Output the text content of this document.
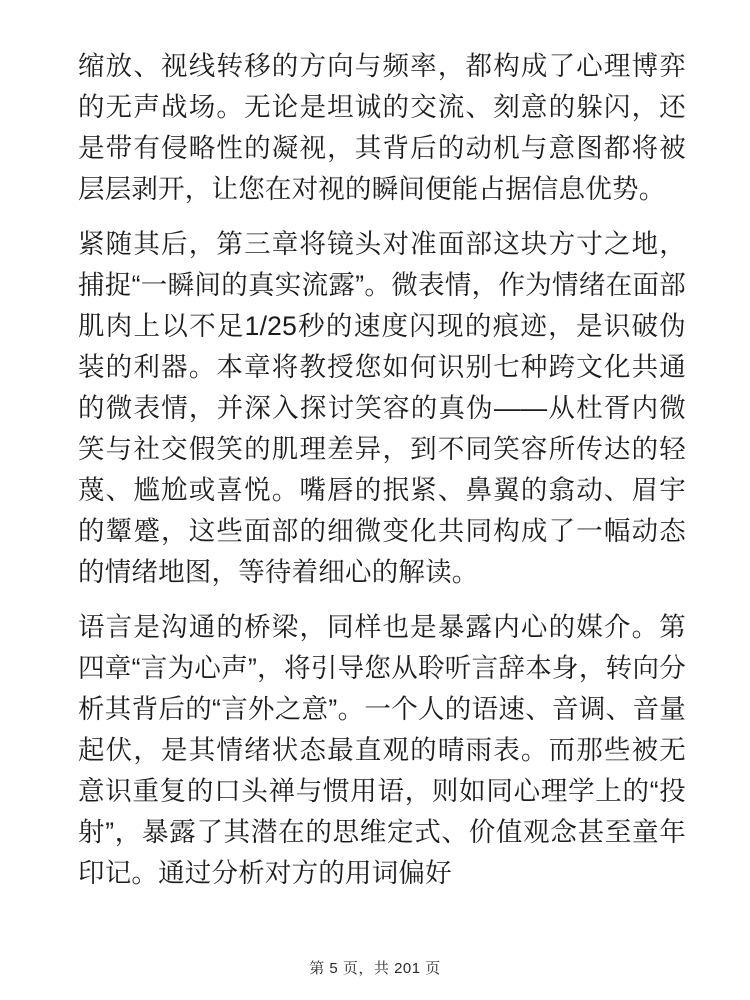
缩放、视线转移的方向与频率，都构成了心理博弈的无声战场。无论是坦诚的交流、刻意的躲闪，还是带有侵略性的凝视，其背后的动机与意图都将被层层剥开，让您在对视的瞬间便能占据信息优势。

紧随其后，第三章将镜头对准面部这块方寸之地，捕捉“一瞬间的真实流露”。微表情，作为情绪在面部肌肉上以不足1/25秒的速度闪现的痕迹，是识破伪装的利器。本章将教授您如何识别七种跨文化共通的微表情，并深入探讨笑容的真伪——从杜胥内微笑与社交假笑的肌理差异，到不同笑容所传达的轻蔑、尴尬或喜悦。嘴唇的抿紧、鼻翼的翕动、眉宇的颦蹙，这些面部的细微变化共同构成了一幅动态的情绪地图，等待着细心的解读。

语言是沟通的桥梁，同样也是暴露内心的媒介。第四章“言为心声”，将引导您从聆听言辞本身，转向分析其背后的“言外之意”。一个人的语速、音调、音量起伏，是其情绪状态最直观的晴雨表。而那些被无意识重复的口头禅与惯用语，则如同心理学上的“投射”，暴露了其潜在的思维定式、价值观念甚至童年印记。通过分析对方的用词偏好

第 5 页，共 201 页
